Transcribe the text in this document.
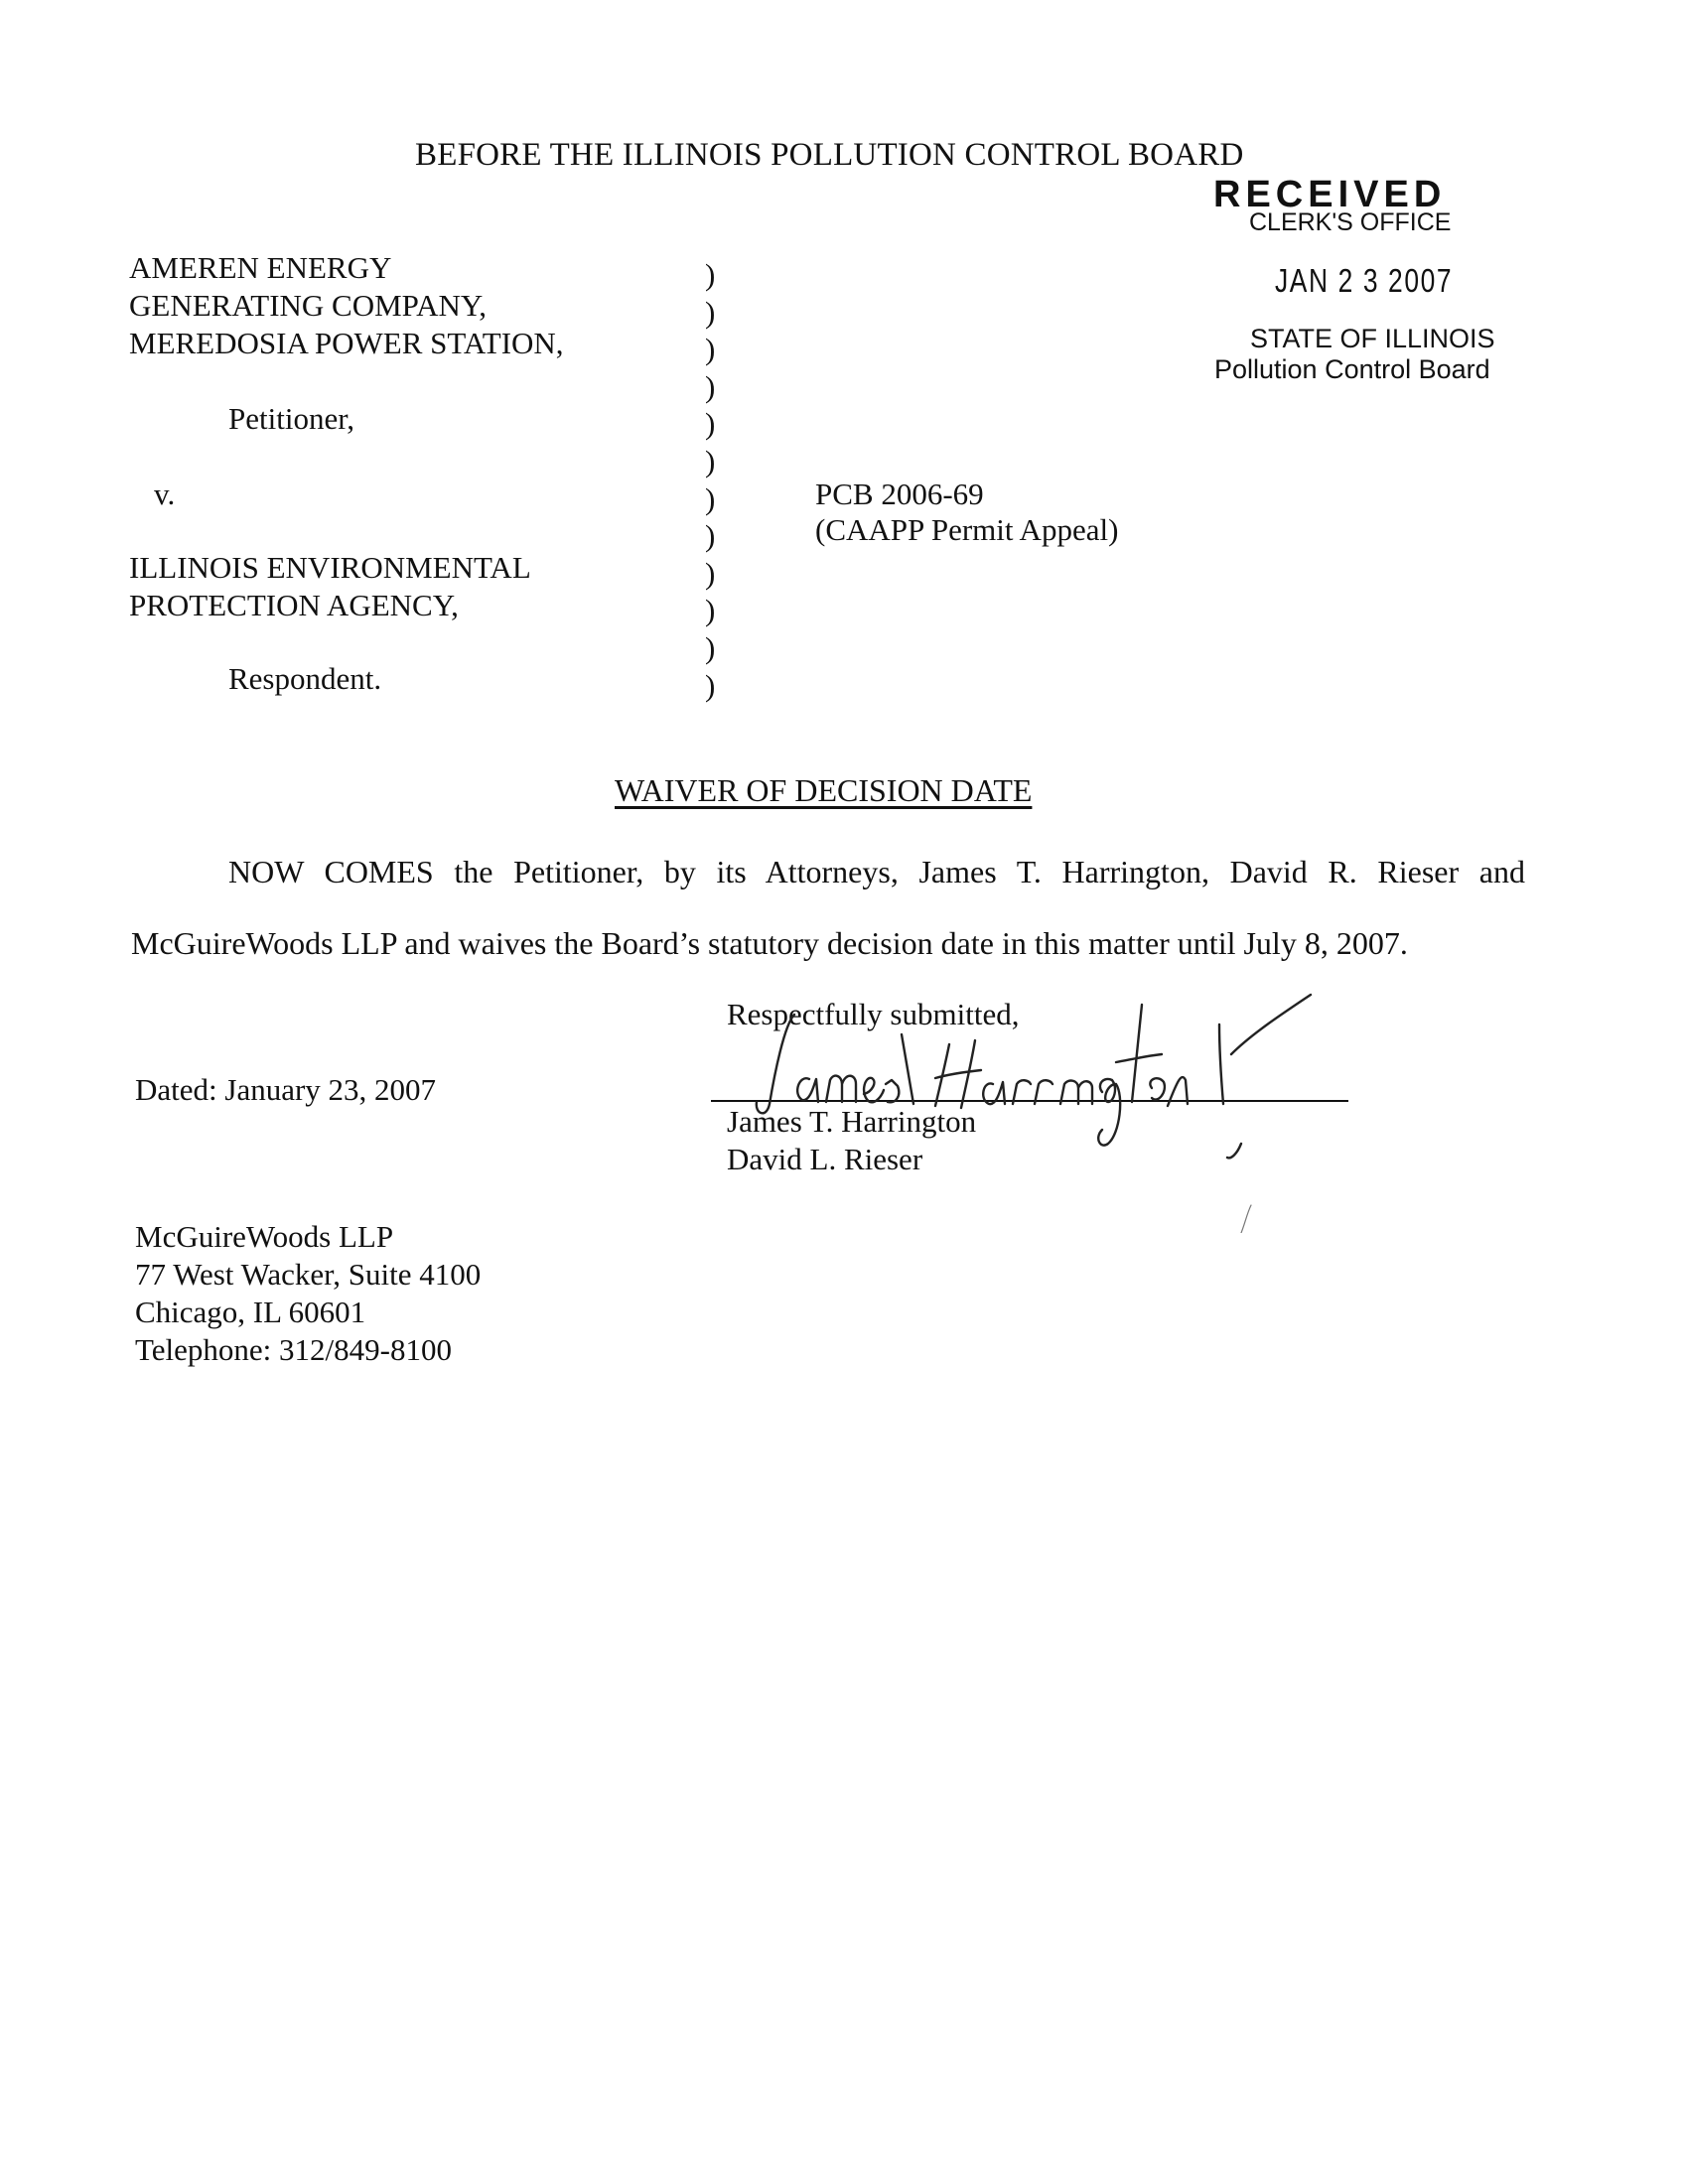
BEFORE THE ILLINOIS POLLUTION CONTROL BOARD
RECEIVED
CLERK'S OFFICE
JAN 2 3 2007
STATE OF ILLINOIS
Pollution Control Board
AMEREN ENERGY
GENERATING COMPANY,
MEREDOSIA POWER STATION,
Petitioner,
v.
ILLINOIS ENVIRONMENTAL
PROTECTION AGENCY,
Respondent.
)
)
)
)
)
)
)
)
)
)
)
)
PCB 2006-69
(CAAPP Permit Appeal)
WAIVER OF DECISION DATE
NOW COMES the Petitioner, by its Attorneys, James T. Harrington, David R. Rieser and
McGuireWoods LLP and waives the Board’s statutory decision date in this matter until July 8, 2007.
Respectfully submitted,
Dated: January 23, 2007
James T. Harrington
David L. Rieser
McGuireWoods LLP
77 West Wacker, Suite 4100
Chicago, IL 60601
Telephone: 312/849-8100
